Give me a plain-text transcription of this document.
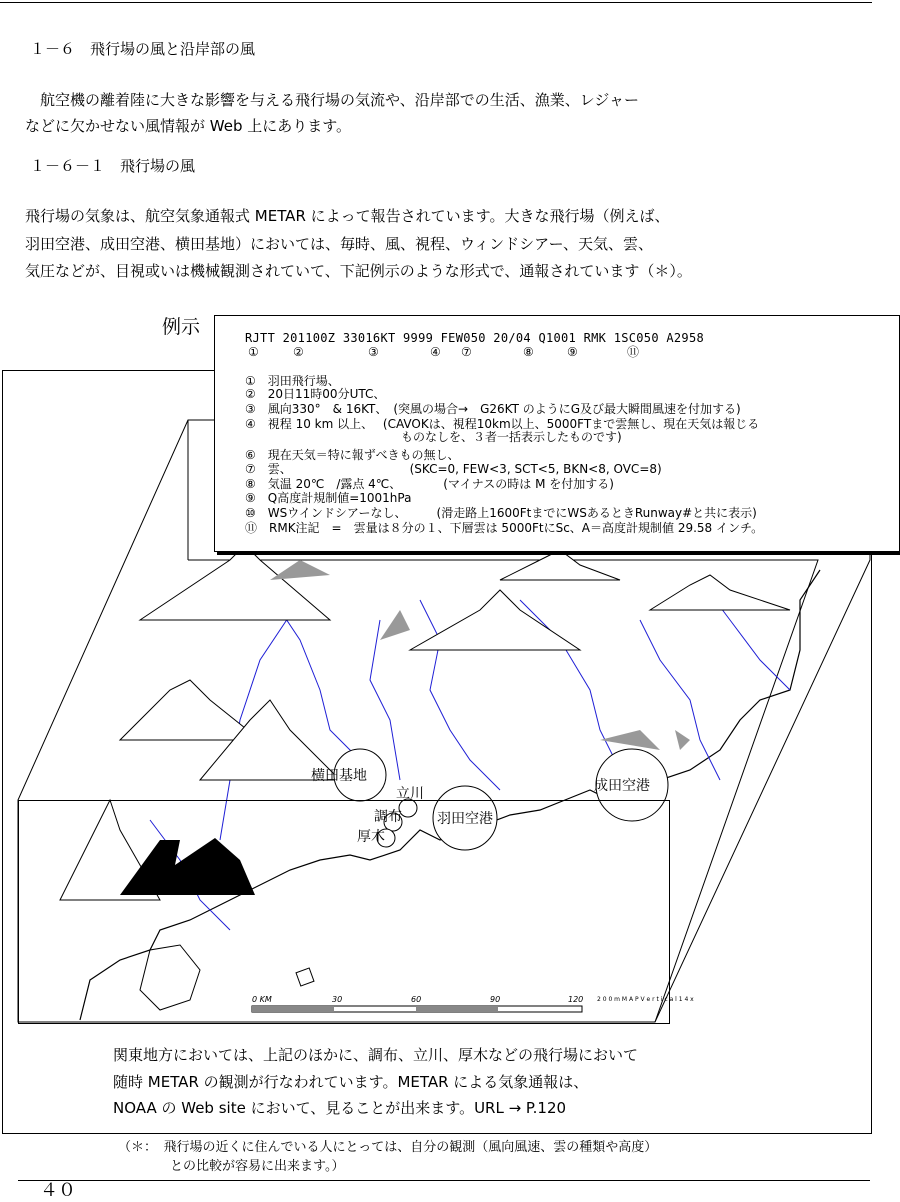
１－６　飛行場の風と沿岸部の風
　航空機の離着陸に大きな影響を与える飛行場の気流や、沿岸部での生活、漁業、レジャー
などに欠かせない風情報が Web 上にあります。
１－６－１　飛行場の風
飛行場の気象は、航空気象通報式 METAR によって報告されています。大きな飛行場（例えば、
羽田空港、成田空港、横田基地）においては、毎時、風、視程、ウィンドシアー、天気、雲、
気圧などが、目視或いは機械観測されていて、下記例示のような形式で、通報されています（＊）。
横田基地
立川
調布
厚木
羽田空港
成田空港
0 KM	30	60	90	120 2 0 0 m M A P V e r t i c a l 1 4 x
例示	RJTT 201100Z 33016KT 9999 FEW050 20/04 Q1001 RMK 1SC050 A2958
①	②	③	④ ⑦	⑧	⑨	⑪
①　羽田飛行場、
②　20日11時00分UTC、
③　風向330°　& 16KT、　(突風の場合→　G26KT のようにG及び最大瞬間風速を付加する)
④　視程 10 km 以上、　 (CAVOKは、視程10km以上、5000FTまで雲無し、現在天気は報じる
　　　　　　　　　　　　　ものなしを、３者一括表示したものです)
⑥　現在天気＝特に報ずべきもの無し、
⑦　雲、　　　　　　　　　　 (SKC=0, FEW<3, SCT<5, BKN<8, OVC=8)
⑧　気温 20℃　/露点 4℃、　　　　(マイナスの時は M を付加する)
⑨　Q高度計規制値=1001hPa
⑩　WSウインドシアーなし、　　　(滑走路上1600FtまでにWSあるときRunway#と共に表示)
⑪　RMK注記　=　雲量は８分の１、下層雲は 5000FtにSc、A＝高度計規制値 29.58 インチ。
関東地方においては、上記のほかに、調布、立川、厚木などの飛行場において
随時 METAR の観測が行なわれています。METAR による気象通報は、
NOAA の Web site において、見ることが出来ます。URL → P.120
（＊：　飛行場の近くに住んでいる人にとっては、自分の観測（風向風速、雲の種類や高度）
　　　　との比較が容易に出来ます。）
４０
